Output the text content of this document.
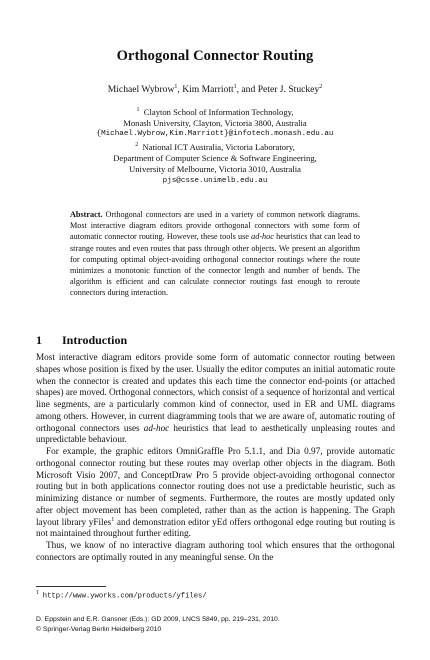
Orthogonal Connector Routing
Michael Wybrow$^1$, Kim Marriott$^1$, and Peter J. Stuckey$^2$
$^1$ Clayton School of Information Technology,
Monash University, Clayton, Victoria 3800, Australia
{Michael.Wybrow,Kim.Marriott}@infotech.monash.edu.au
$^2$ National ICT Australia, Victoria Laboratory,
Department of Computer Science & Software Engineering,
University of Melbourne, Victoria 3010, Australia
pjs@csse.unimelb.edu.au
Abstract. Orthogonal connectors are used in a variety of common network diagrams. Most interactive diagram editors provide orthogonal connectors with some form of automatic connector routing. However, these tools use ad-hoc heuristics that can lead to strange routes and even routes that pass through other objects. We present an algorithm for computing optimal object-avoiding orthogonal connector routings where the route minimizes a monotonic function of the connector length and number of bends. The algorithm is efficient and can calculate connector routings fast enough to reroute connectors during interaction.
1 Introduction

Most interactive diagram editors provide some form of automatic connector routing between shapes whose position is fixed by the user. Usually the editor computes an initial automatic route when the connector is created and updates this each time the connector end-points (or attached shapes) are moved. Orthogonal connectors, which consist of a sequence of horizontal and vertical line segments, are a particularly common kind of connector, used in ER and UML diagrams among others. However, in current diagramming tools that we are aware of, automatic routing of orthogonal connectors uses ad-hoc heuristics that lead to aesthetically unpleasing routes and unpredictable behaviour.

For example, the graphic editors OmniGraffle Pro 5.1.1, and Dia 0.97, provide automatic orthogonal connector routing but these routes may overlap other objects in the diagram. Both Microsoft Visio 2007, and ConceptDraw Pro 5 provide object-avoiding orthogonal connector routing but in both applications connector routing does not use a predictable heuristic, such as minimizing distance or number of segments. Furthermore, the routes are mostly updated only after object movement has been completed, rather than as the action is happening. The Graph layout library yFiles$^1$ and demonstration editor yEd offers orthogonal edge routing but routing is not maintained throughout further editing.

Thus, we know of no interactive diagram authoring tool which ensures that the orthogonal connectors are optimally routed in any meaningful sense. On the

$^1$ http://www.yworks.com/products/yfiles/
D. Eppstein and E.R. Gansner (Eds.): GD 2009, LNCS 5849, pp. 219–231, 2010.
© Springer-Verlag Berlin Heidelberg 2010
